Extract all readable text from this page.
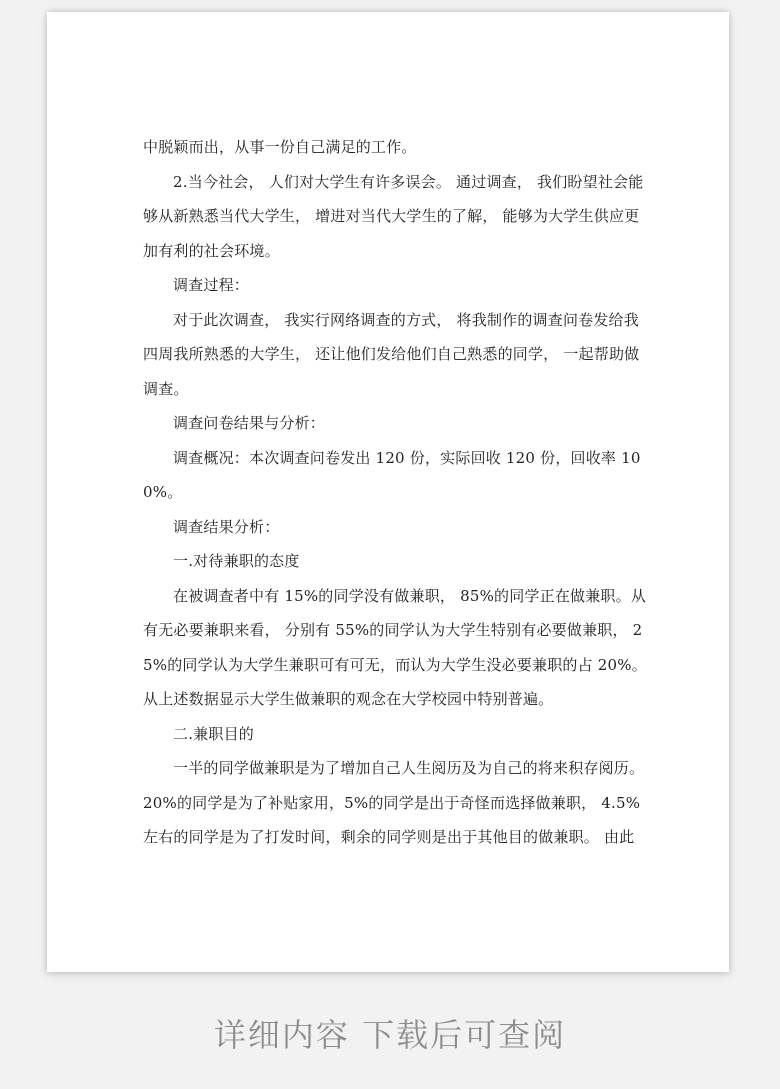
中脱颖而出，从事一份自己满足的工作。

2.当今社会， 人们对大学生有许多误会。 通过调查， 我们盼望社会能够从新熟悉当代大学生， 增进对当代大学生的了解， 能够为大学生供应更加有利的社会环境。

调查过程：

对于此次调查， 我实行网络调查的方式， 将我制作的调查问卷发给我四周我所熟悉的大学生， 还让他们发给他们自己熟悉的同学， 一起帮助做调查。

调查问卷结果与分析：

调查概况：本次调查问卷发出 120 份，实际回收 120 份，回收率 100%。

调查结果分析：

一.对待兼职的态度

在被调查者中有 15%的同学没有做兼职， 85%的同学正在做兼职。从有无必要兼职来看， 分别有 55%的同学认为大学生特别有必要做兼职， 25%的同学认为大学生兼职可有可无，而认为大学生没必要兼职的占 20%。从上述数据显示大学生做兼职的观念在大学校园中特别普遍。

二.兼职目的

一半的同学做兼职是为了增加自己人生阅历及为自己的将来积存阅历。20%的同学是为了补贴家用，5%的同学是出于奇怪而选择做兼职， 4.5%左右的同学是为了打发时间，剩余的同学则是出于其他目的做兼职。 由此

详细内容 下载后可查阅
